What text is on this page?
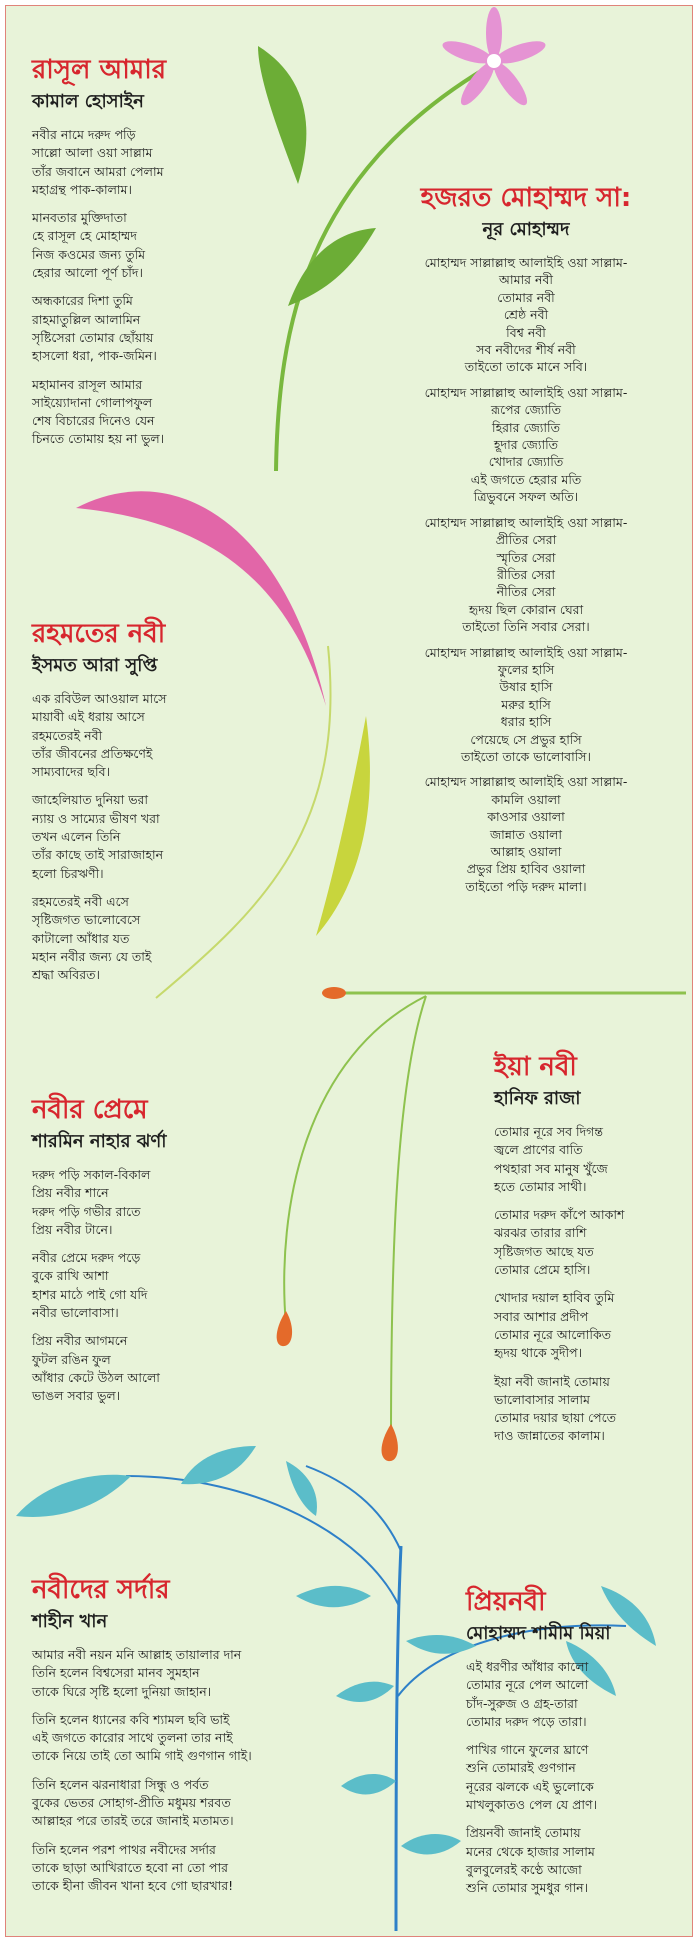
রাসূল আমার
কামাল হোসাইন
নবীর নামে দরুদ পড়ি
সাল্লো আলা ওয়া সাল্লাম
তাঁর জবানে আমরা পেলাম
মহাগ্রন্থ পাক-কালাম।
মানবতার মুক্তিদাতা
হে রাসূল হে মোহাম্মদ
নিজ কওমের জন্য তুমি
হেরার আলো পূর্ণ চাঁদ।
অন্ধকারের দিশা তুমি
রাহমাতুল্লিল আলামিন
সৃষ্টিসেরা তোমার ছোঁয়ায়
হাসলো ধরা, পাক-জমিন।
মহামানব রাসূল আমার
সাইয়্যোদানা গোলাপফুল
শেষ বিচারের দিনেও যেন
চিনতে তোমায় হয় না ভুল।
হজরত মোহাম্মদ সা:
নূর মোহাম্মদ
মোহাম্মদ সাল্লাল্লাহু আলাইহি ওয়া সাল্লাম-
আমার নবী
তোমার নবী
শ্রেষ্ঠ নবী
বিশ্ব নবী
সব নবীদের শীর্ষ নবী
তাইতো তাকে মানে সবি।
মোহাম্মদ সাল্লাল্লাহু আলাইহি ওয়া সাল্লাম-
রূপের জ্যোতি
হিরার জ্যোতি
হূদার জ্যোতি
খোদার জ্যোতি
এই জগতে হেরার মতি
ত্রিভুবনে সফল অতি।
মোহাম্মদ সাল্লাল্লাহু আলাইহি ওয়া সাল্লাম-
প্রীতির সেরা
স্মৃতির সেরা
রীতির সেরা
নীতির সেরা
হৃদয় ছিল কোরান ঘেরা
তাইতো তিনি সবার সেরা।
মোহাম্মদ সাল্লাল্লাহু আলাইহি ওয়া সাল্লাম-
ফুলের হাসি
উষার হাসি
মরুর হাসি
ধরার হাসি
পেয়েছে সে প্রভুর হাসি
তাইতো তাকে ভালোবাসি।
মোহাম্মদ সাল্লাল্লাহু আলাইহি ওয়া সাল্লাম-
কামলি ওয়ালা
কাওসার ওয়ালা
জান্নাত ওয়ালা
আল্লাহ ওয়ালা
প্রভুর প্রিয় হাবিব ওয়ালা
তাইতো পড়ি দরুদ মালা।
রহমতের নবী
ইসমত আরা সুপ্তি
এক রবিউল আওয়াল মাসে
মায়াবী এই ধরায় আসে
রহমতেরই নবী
তাঁর জীবনের প্রতিক্ষণেই
সাম্যবাদের ছবি।
জাহেলিয়াত দুনিয়া ভরা
ন্যায় ও সাম্যের ভীষণ খরা
তখন এলেন তিনি
তাঁর কাছে তাই সারাজাহান
হলো চিরঋণী।
রহমতেরই নবী এসে
সৃষ্টিজগত ভালোবেসে
কাটালো আঁধার যত
মহান নবীর জন্য যে তাই
শ্রদ্ধা অবিরত।
ইয়া নবী
হানিফ রাজা
তোমার নূরে সব দিগন্ত
জ্বলে প্রাণের বাতি
পথহারা সব মানুষ খুঁজে
হতে তোমার সাথী।
তোমার দরুদ কাঁপে আকাশ
ঝরঝর তারার রাশি
সৃষ্টিজগত আছে যত
তোমার প্রেমে হাসি।
খোদার দয়াল হাবিব তুমি
সবার আশার প্রদীপ
তোমার নূরে আলোকিত
হৃদয় থাকে সুদীপ।
ইয়া নবী জানাই তোমায়
ভালোবাসার সালাম
তোমার দয়ার ছায়া পেতে
দাও জান্নাতের কালাম।
নবীর প্রেমে
শারমিন নাহার ঝর্ণা
দরুদ পড়ি সকাল-বিকাল
প্রিয় নবীর শানে
দরুদ পড়ি গভীর রাতে
প্রিয় নবীর টানে।
নবীর প্রেমে দরুদ পড়ে
বুকে রাখি আশা
হাশর মাঠে পাই গো যদি
নবীর ভালোবাসা।
প্রিয় নবীর আগমনে
ফুটল রঙিন ফুল
আঁধার কেটে উঠল আলো
ভাঙল সবার ভুল।
নবীদের সর্দার
শাহীন খান
আমার নবী নয়ন মনি আল্লাহ তায়ালার দান
তিনি হলেন বিশ্বসেরা মানব সুমহান
তাকে ঘিরে সৃষ্টি হলো দুনিয়া জাহান।
তিনি হলেন ধ্যানের কবি শ্যামল ছবি ভাই
এই জগতে কারোর সাথে তুলনা তার নাই
তাকে নিয়ে তাই তো আমি গাই গুণগান গাই।
তিনি হলেন ঝরনাধারা সিন্ধু ও পর্বত
বুকের ভেতর সোহাগ-প্রীতি মধুময় শরবত
আল্লাহর পরে তারই তরে জানাই মতামত।
তিনি হলেন পরশ পাথর নবীদের সর্দার
তাকে ছাড়া আখিরাতে হবো না তো পার
তাকে হীনা জীবন খানা হবে গো ছারখার!
প্রিয়নবী
মোহাম্মদ শামীম মিয়া
এই ধরণীর আঁধার কালো
তোমার নূরে পেল আলো
চাঁদ-সুরুজ ও গ্রহ-তারা
তোমার দরুদ পড়ে তারা।
পাখির গানে ফুলের ঘ্রাণে
শুনি তোমারই গুণগান
নূরের ঝলকে এই ভুলোকে
মাখলুকাতও পেল যে প্রাণ।
প্রিয়নবী জানাই তোমায়
মনের থেকে হাজার সালাম
বুলবুলেরই কণ্ঠে আজো
শুনি তোমার সুমধুর গান।
